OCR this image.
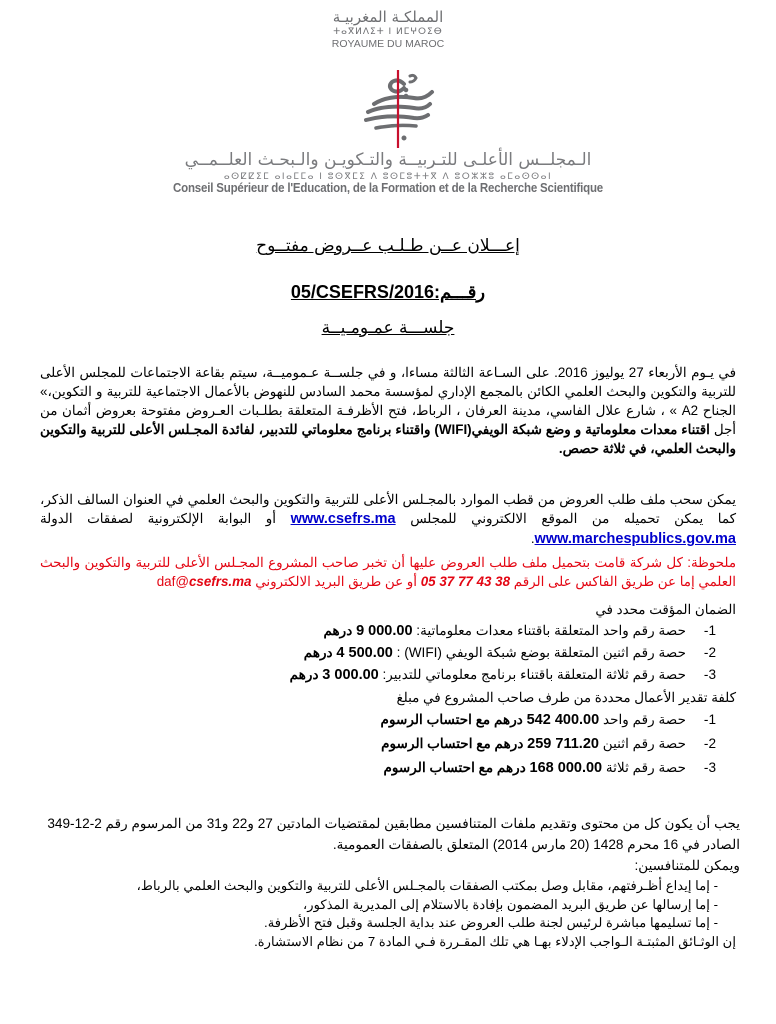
المملكـة المغربيـة
ⵜⴰⴳⵍⴷⵉⵜ ⵏ ⵍⵎⵖⵔⵉⴱ
ROYAUME DU MAROC
الـمجلــس الأعلـى للتـربيــة والتـكويـن والـبحـث العلــمــي
ⴰⵙⵇⵇⵉⵎ ⴰⵏⴰⵎⵎⴰ ⵏ ⵓⵙⴳⵎⵉ ⴷ ⵓⵙⵎⵓⵜⵜⴳ ⴷ ⵓⵔⵣⵣⵓ ⴰⵎⴰⵙⵙⴰⵏ
Conseil Supérieur de l'Education, de la Formation et de la Recherche Scientifique
إعـــلان عــن طـلـب عــروض مفتــوح
رقـــم:05/CSEFRS/2016
جلســـة عمـومـيــة
في يـوم الأربعاء 27 يوليوز 2016. على السـاعة الثالثة مساءا، و في جلســة عـموميــة، سيتم بقاعة الاجتماعات للمجلس الأعلى للتربية والتكوين والبحث العلمي الكائن بالمجمع الإداري لمؤسسة محمد السادس للنهوض بالأعمال الاجتماعية للتربية و التكوين،» الجناح A2 » ، شارع علال الفاسي، مدينة العرفان ، الرباط، فتح الأظرفـة المتعلقة بطلـبات العـروض مفتوحة بعروض أثمان من أجل اقتناء معدات معلوماتية و وضع شبكة الويفي(WIFI) واقتناء برنامج معلوماتي للتدبير، لفائدة المجـلس الأعلى للتربية والتكوين والبحث العلمي، في ثلاثة حصص.
يمكن سحب ملف طلب العروض من قطب الموارد بالمجـلس الأعلى للتربية والتكوين والبحث العلمي في العنوان السالف الذكر، كما يمكن تحميله من الموقع الالكتروني للمجلس www.csefrs.ma أو البوابة الإلكترونية لصفقات الدولة www.marchespublics.gov.ma.
ملحوظة: كل شركة قامت بتحميل ملف طلب العروض عليها أن تخبر صاحب المشروع المجـلس الأعلى للتربية والتكوين والبحث العلمي إما عن طريق الفاكس على الرقم 05 37 77 43 38 أو عن طريق البريد الالكتروني daf@csefrs.ma
الضمان المؤقت محدد في
1-حصة رقم واحد المتعلقة باقتناء معدات معلوماتية: 9 000.00 درهم
2-حصة رقم اثنين المتعلقة بوضع شبكة الويفي (WIFI) : 4 500.00 درهم
3-حصة رقم ثلاثة المتعلقة باقتناء برنامج معلوماتي للتدبير: 3 000.00 درهم
كلفة تقدير الأعمال محددة من طرف صاحب المشروع في مبلغ
1-حصة رقم واحد 542 400.00 درهم مع احتساب الرسوم
2-حصة رقم اثنين 259 711.20 درهم مع احتساب الرسوم
3-حصة رقم ثلاثة 168 000.00 درهم مع احتساب الرسوم
يجب أن يكون كل من محتوى وتقديم ملفات المتنافسين مطابقين لمقتضيات المادتين 27 و22 و31 من المرسوم رقم 2-12-349 الصادر في 16 محرم 1428 (20 مارس 2014) المتعلق بالصفقات العمومية.
ويمكن للمتنافسين:
- إما إيداع أظـرفتهم، مقابل وصل بمكتب الصفقات بالمجـلس الأعلى للتربية والتكوين والبحث العلمي بالرباط،
- إما إرسالها عن طريق البريد المضمون بإفادة بالاستلام إلى المديرية المذكور،
- إما تسليمها مباشرة لرئيس لجنة طلب العروض عند بداية الجلسة وقبل فتح الأظرفة.
إن الوثـائق المثبتـة الـواجب الإدلاء بهـا هي تلك المقـررة فـي المادة 7 من نظام الاستشارة.
